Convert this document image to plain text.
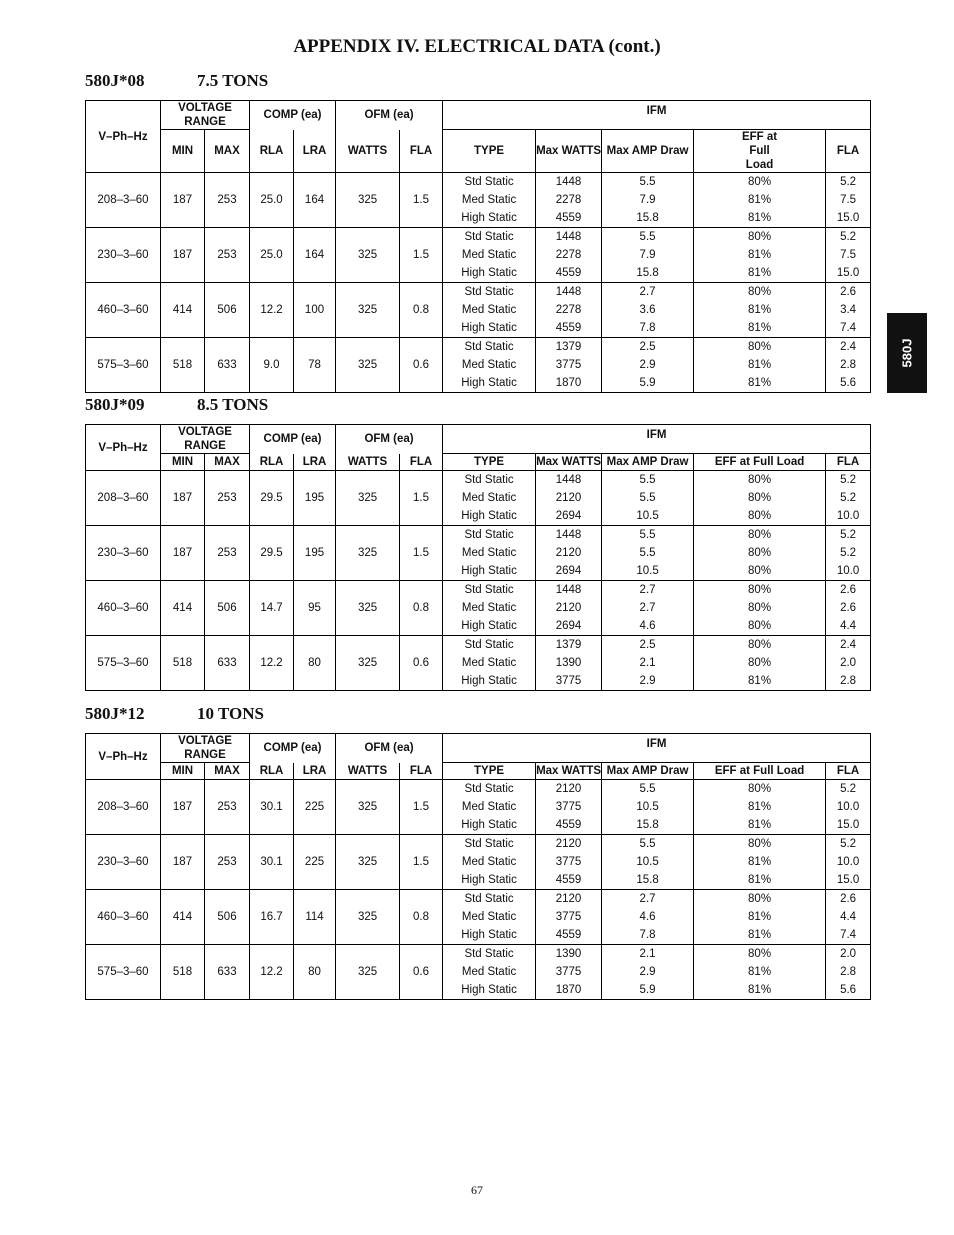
APPENDIX IV. ELECTRICAL DATA (cont.)
580J
580J*08	7.5 TONS
V–Ph–Hz	VOLTAGE RANGE		COMP (ea)		OFM (ea)		IFM				
	MIN	MAX	RLA	LRA	WATTS	FLA	TYPE	Max WATTS	Max AMP Draw	EFF at Full Load	FLA
208–3–60	187	253	25.0	164	325	1.5	Std Static	1448	5.5	80%	5.2
							Med Static	2278	7.9	81%	7.5
							High Static	4559	15.8	81%	15.0
230–3–60	187	253	25.0	164	325	1.5	Std Static	1448	5.5	80%	5.2
							Med Static	2278	7.9	81%	7.5
							High Static	4559	15.8	81%	15.0
460–3–60	414	506	12.2	100	325	0.8	Std Static	1448	2.7	80%	2.6
							Med Static	2278	3.6	81%	3.4
							High Static	4559	7.8	81%	7.4
575–3–60	518	633	9.0	78	325	0.6	Std Static	1379	2.5	80%	2.4
							Med Static	3775	2.9	81%	2.8
							High Static	1870	5.9	81%	5.6
580J*09	8.5 TONS
V–Ph–Hz	VOLTAGE RANGE		COMP (ea)		OFM (ea)		IFM				
	MIN	MAX	RLA	LRA	WATTS	FLA	TYPE	Max WATTS	Max AMP Draw	EFF at Full Load	FLA
208–3–60	187	253	29.5	195	325	1.5	Std Static	1448	5.5	80%	5.2
							Med Static	2120	5.5	80%	5.2
							High Static	2694	10.5	80%	10.0
230–3–60	187	253	29.5	195	325	1.5	Std Static	1448	5.5	80%	5.2
							Med Static	2120	5.5	80%	5.2
							High Static	2694	10.5	80%	10.0
460–3–60	414	506	14.7	95	325	0.8	Std Static	1448	2.7	80%	2.6
							Med Static	2120	2.7	80%	2.6
							High Static	2694	4.6	80%	4.4
575–3–60	518	633	12.2	80	325	0.6	Std Static	1379	2.5	80%	2.4
							Med Static	1390	2.1	80%	2.0
							High Static	3775	2.9	81%	2.8
580J*12	10 TONS
V–Ph–Hz	VOLTAGE RANGE		COMP (ea)		OFM (ea)		IFM				
	MIN	MAX	RLA	LRA	WATTS	FLA	TYPE	Max WATTS	Max AMP Draw	EFF at Full Load	FLA
208–3–60	187	253	30.1	225	325	1.5	Std Static	2120	5.5	80%	5.2
							Med Static	3775	10.5	81%	10.0
							High Static	4559	15.8	81%	15.0
230–3–60	187	253	30.1	225	325	1.5	Std Static	2120	5.5	80%	5.2
							Med Static	3775	10.5	81%	10.0
							High Static	4559	15.8	81%	15.0
460–3–60	414	506	16.7	114	325	0.8	Std Static	2120	2.7	80%	2.6
							Med Static	3775	4.6	81%	4.4
							High Static	4559	7.8	81%	7.4
575–3–60	518	633	12.2	80	325	0.6	Std Static	1390	2.1	80%	2.0
							Med Static	3775	2.9	81%	2.8
							High Static	1870	5.9	81%	5.6
67
